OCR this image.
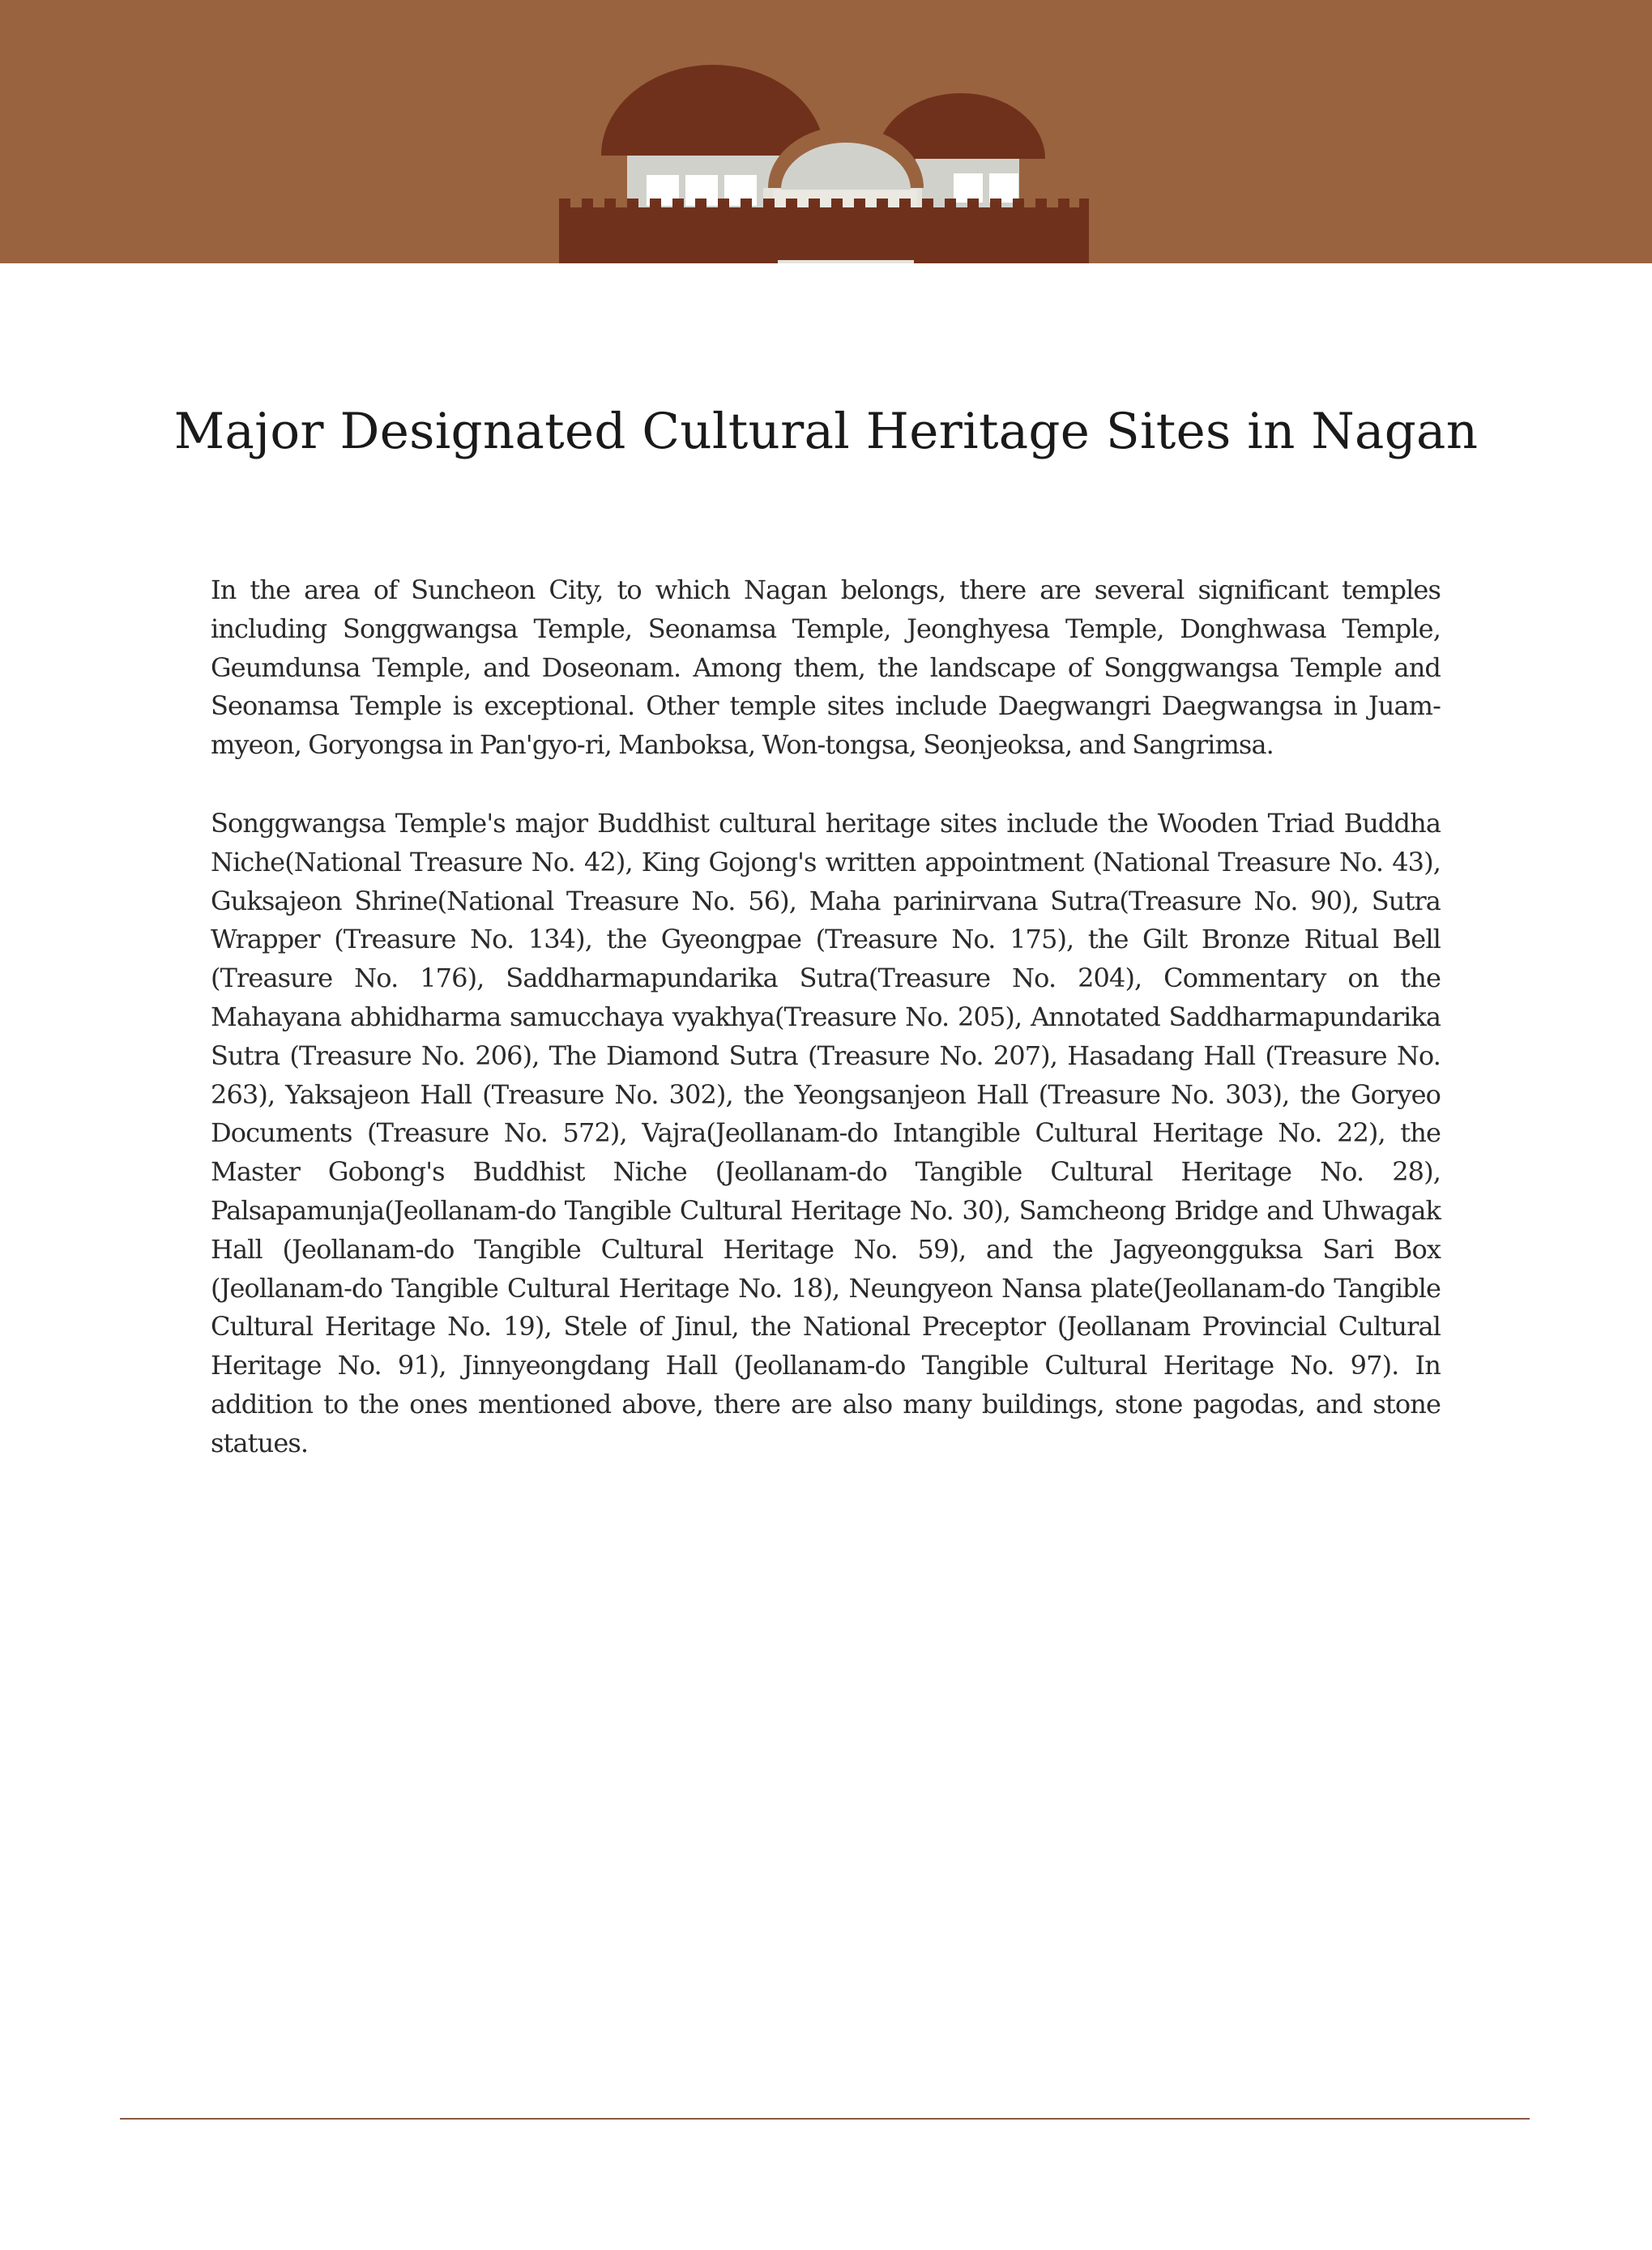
Major Designated Cultural Heritage Sites in Nagan

In the area of Suncheon City, to which Nagan belongs, there are several significant temples including Songgwangsa Temple, Seonamsa Temple, Jeonghyesa Temple, Donghwasa Temple, Geumdunsa Temple, and Doseonam. Among them, the landscape of Songgwangsa Temple and Seonamsa Temple is exceptional. Other temple sites include Daegwangri Daegwangsa in Juam-myeon, Goryongsa in Pan'gyo-ri, Manboksa, Won-tongsa, Seonjeoksa, and Sangrimsa.

Songgwangsa Temple's major Buddhist cultural heritage sites include the Wooden Triad Buddha Niche(National Treasure No. 42), King Gojong's written appointment (National Treasure No. 43), Guksajeon Shrine(National Treasure No. 56), Maha parinirvana Sutra(Treasure No. 90), Sutra Wrapper (Treasure No. 134), the Gyeongpae (Treasure No. 175), the Gilt Bronze Ritual Bell (Treasure No. 176), Saddharmapundarika Sutra(Treasure No. 204), Commentary on the Mahayana abhidharma samucchaya vyakhya(Treasure No. 205), Annotated Saddharmapundarika Sutra (Treasure No. 206), The Diamond Sutra (Treasure No. 207), Hasadang Hall (Treasure No. 263), Yaksajeon Hall (Treasure No. 302), the Yeongsanjeon Hall (Treasure No. 303), the Goryeo Documents (Treasure No. 572), Vajra(Jeollanam-do Intangible Cultural Heritage No. 22), the Master Gobong's Buddhist Niche (Jeollanam-do Tangible Cultural Heritage No. 28), Palsapamunja(Jeollanam-do Tangible Cultural Heritage No. 30), Samcheong Bridge and Uhwagak Hall (Jeollanam-do Tangible Cultural Heritage No. 59), and the Jagyeongguksa Sari Box (Jeollanam-do Tangible Cultural Heritage No. 18), Neungyeon Nansa plate(Jeollanam-do Tangible Cultural Heritage No. 19), Stele of Jinul, the National Preceptor (Jeollanam Provincial Cultural Heritage No. 91), Jinnyeongdang Hall (Jeollanam-do Tangible Cultural Heritage No. 97). In addition to the ones mentioned above, there are also many buildings, stone pagodas, and stone statues.
